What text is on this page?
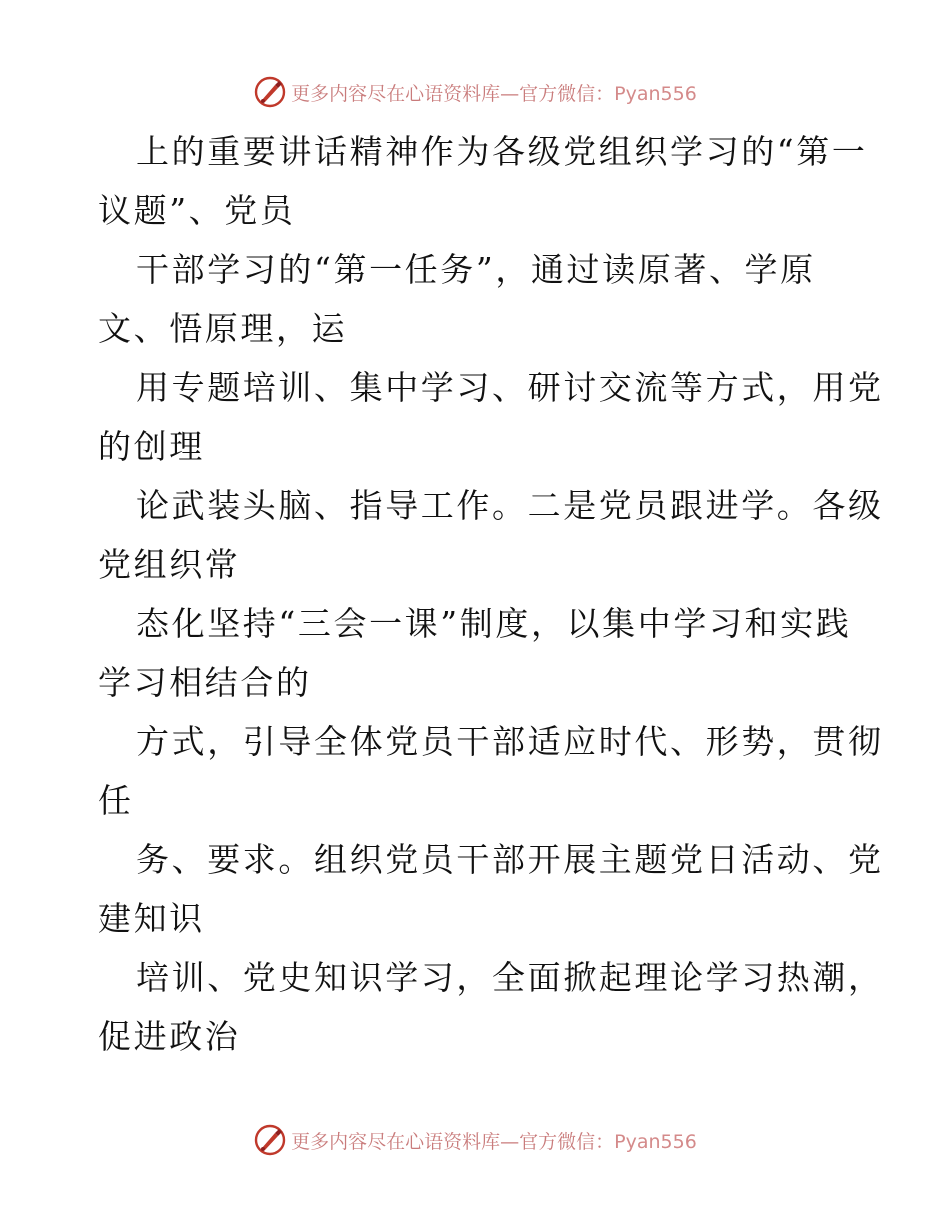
更多内容尽在心语资料库—官方微信：Pyan556
上的重要讲话精神作为各级党组织学习的“第一
议题”、党员
干部学习的“第一任务”，通过读原著、学原
文、悟原理，运
用专题培训、集中学习、研讨交流等方式，用党
的创理
论武装头脑、指导工作。二是党员跟进学。各级
党组织常
态化坚持“三会一课”制度，以集中学习和实践
学习相结合的
方式，引导全体党员干部适应时代、形势，贯彻
任
务、要求。组织党员干部开展主题党日活动、党
建知识
培训、党史知识学习，全面掀起理论学习热潮，
促进政治
更多内容尽在心语资料库—官方微信：Pyan556
